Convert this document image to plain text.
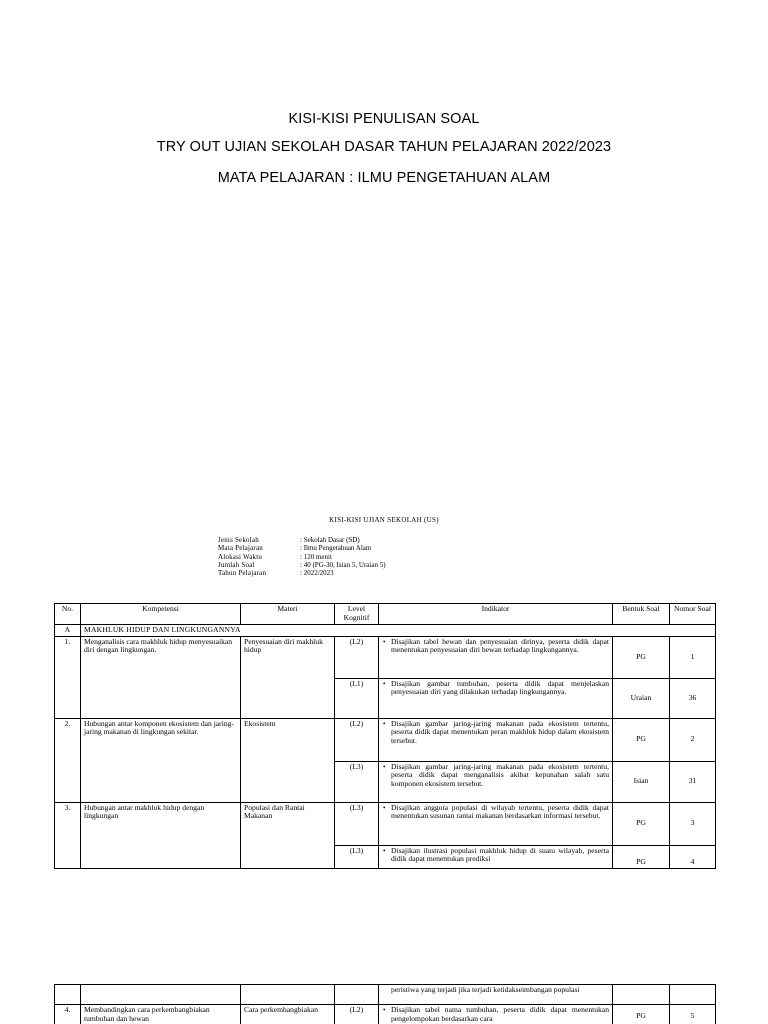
KISI-KISI PENULISAN SOAL
TRY OUT UJIAN SEKOLAH DASAR TAHUN PELAJARAN 2022/2023
MATA PELAJARAN : ILMU PENGETAHUAN ALAM
KISI-KISI UJIAN SEKOLAH (US)
Jenis Sekolah	: Sekolah Dasar (SD)
Mata Pelajaran	: Ilmu Pengetahuan Alam
Alokasi Waktu	: 120 menit
Jumlah Soal	: 40 (PG-30, Isian 5, Uraian 5)
Tahun Pelajaran	: 2022/2023
No.	Kompetensi	Materi	Level Kognitif	Indikator	Bentuk Soal	Nomor Soal
A	MAKHLUK HIDUP DAN LINGKUNGANNYA					
1.	Menganalisis cara makhluk hidup menyesuaikan diri dengan lingkungan.	Penyesuaian diri makhluk hidup	(L2)	• Disajikan tabel hewan dan penyesuaian dirinya, peserta didik dapat menentukan penyesuaian diri hewan terhadap lingkungannya.	PG	1
			(L1)	• Disajikan gambar tumbuhan, peserta didik dapat menjelaskan penyesuaian diri yang dilakukan terhadap lingkungannya.	Uraian	36
2.	Hubungan antar komponen ekosistem dan jaring-jaring makanan di lingkungan sekitar.	Ekosistem	(L2)	• Disajikan gambar jaring-jaring makanan pada ekosistem tertentu, peserta didik dapat menentukan peran makhluk hidup dalam ekosistem tersebut.	PG	2
			(L3)	• Disajikan gambar jaring-jaring makanan pada ekosistem tertentu, peserta didik dapat menganalisis akibat kepunahan salah satu komponen ekosistem tersebut.	Isian	31
3.	Hubungan antar makhluk hidup dengan lingkungan	Populasi dan Rantai Makanan	(L3)	• Disajikan anggota populasi di wilayah tertentu, peserta didik dapat menentukan susunan rantai makanan berdasarkan informasi tersebut.	PG	3
			(L3)	• Disajikan ilustrasi populasi makhluk hidup di suatu wilayah, peserta didik dapat menentukan prediksi	PG	4
				peristiwa yang terjadi jika terjadi ketidakseimbangan populasi		
4.	Membandingkan cara perkembangbiakan tumbuhan dan hewan	Cara perkembangbiakan	(L2)	• Disajikan tabel nama tumbuhan, peserta didik dapat menentukan pengelompokan berdasarkan cara	PG	5
